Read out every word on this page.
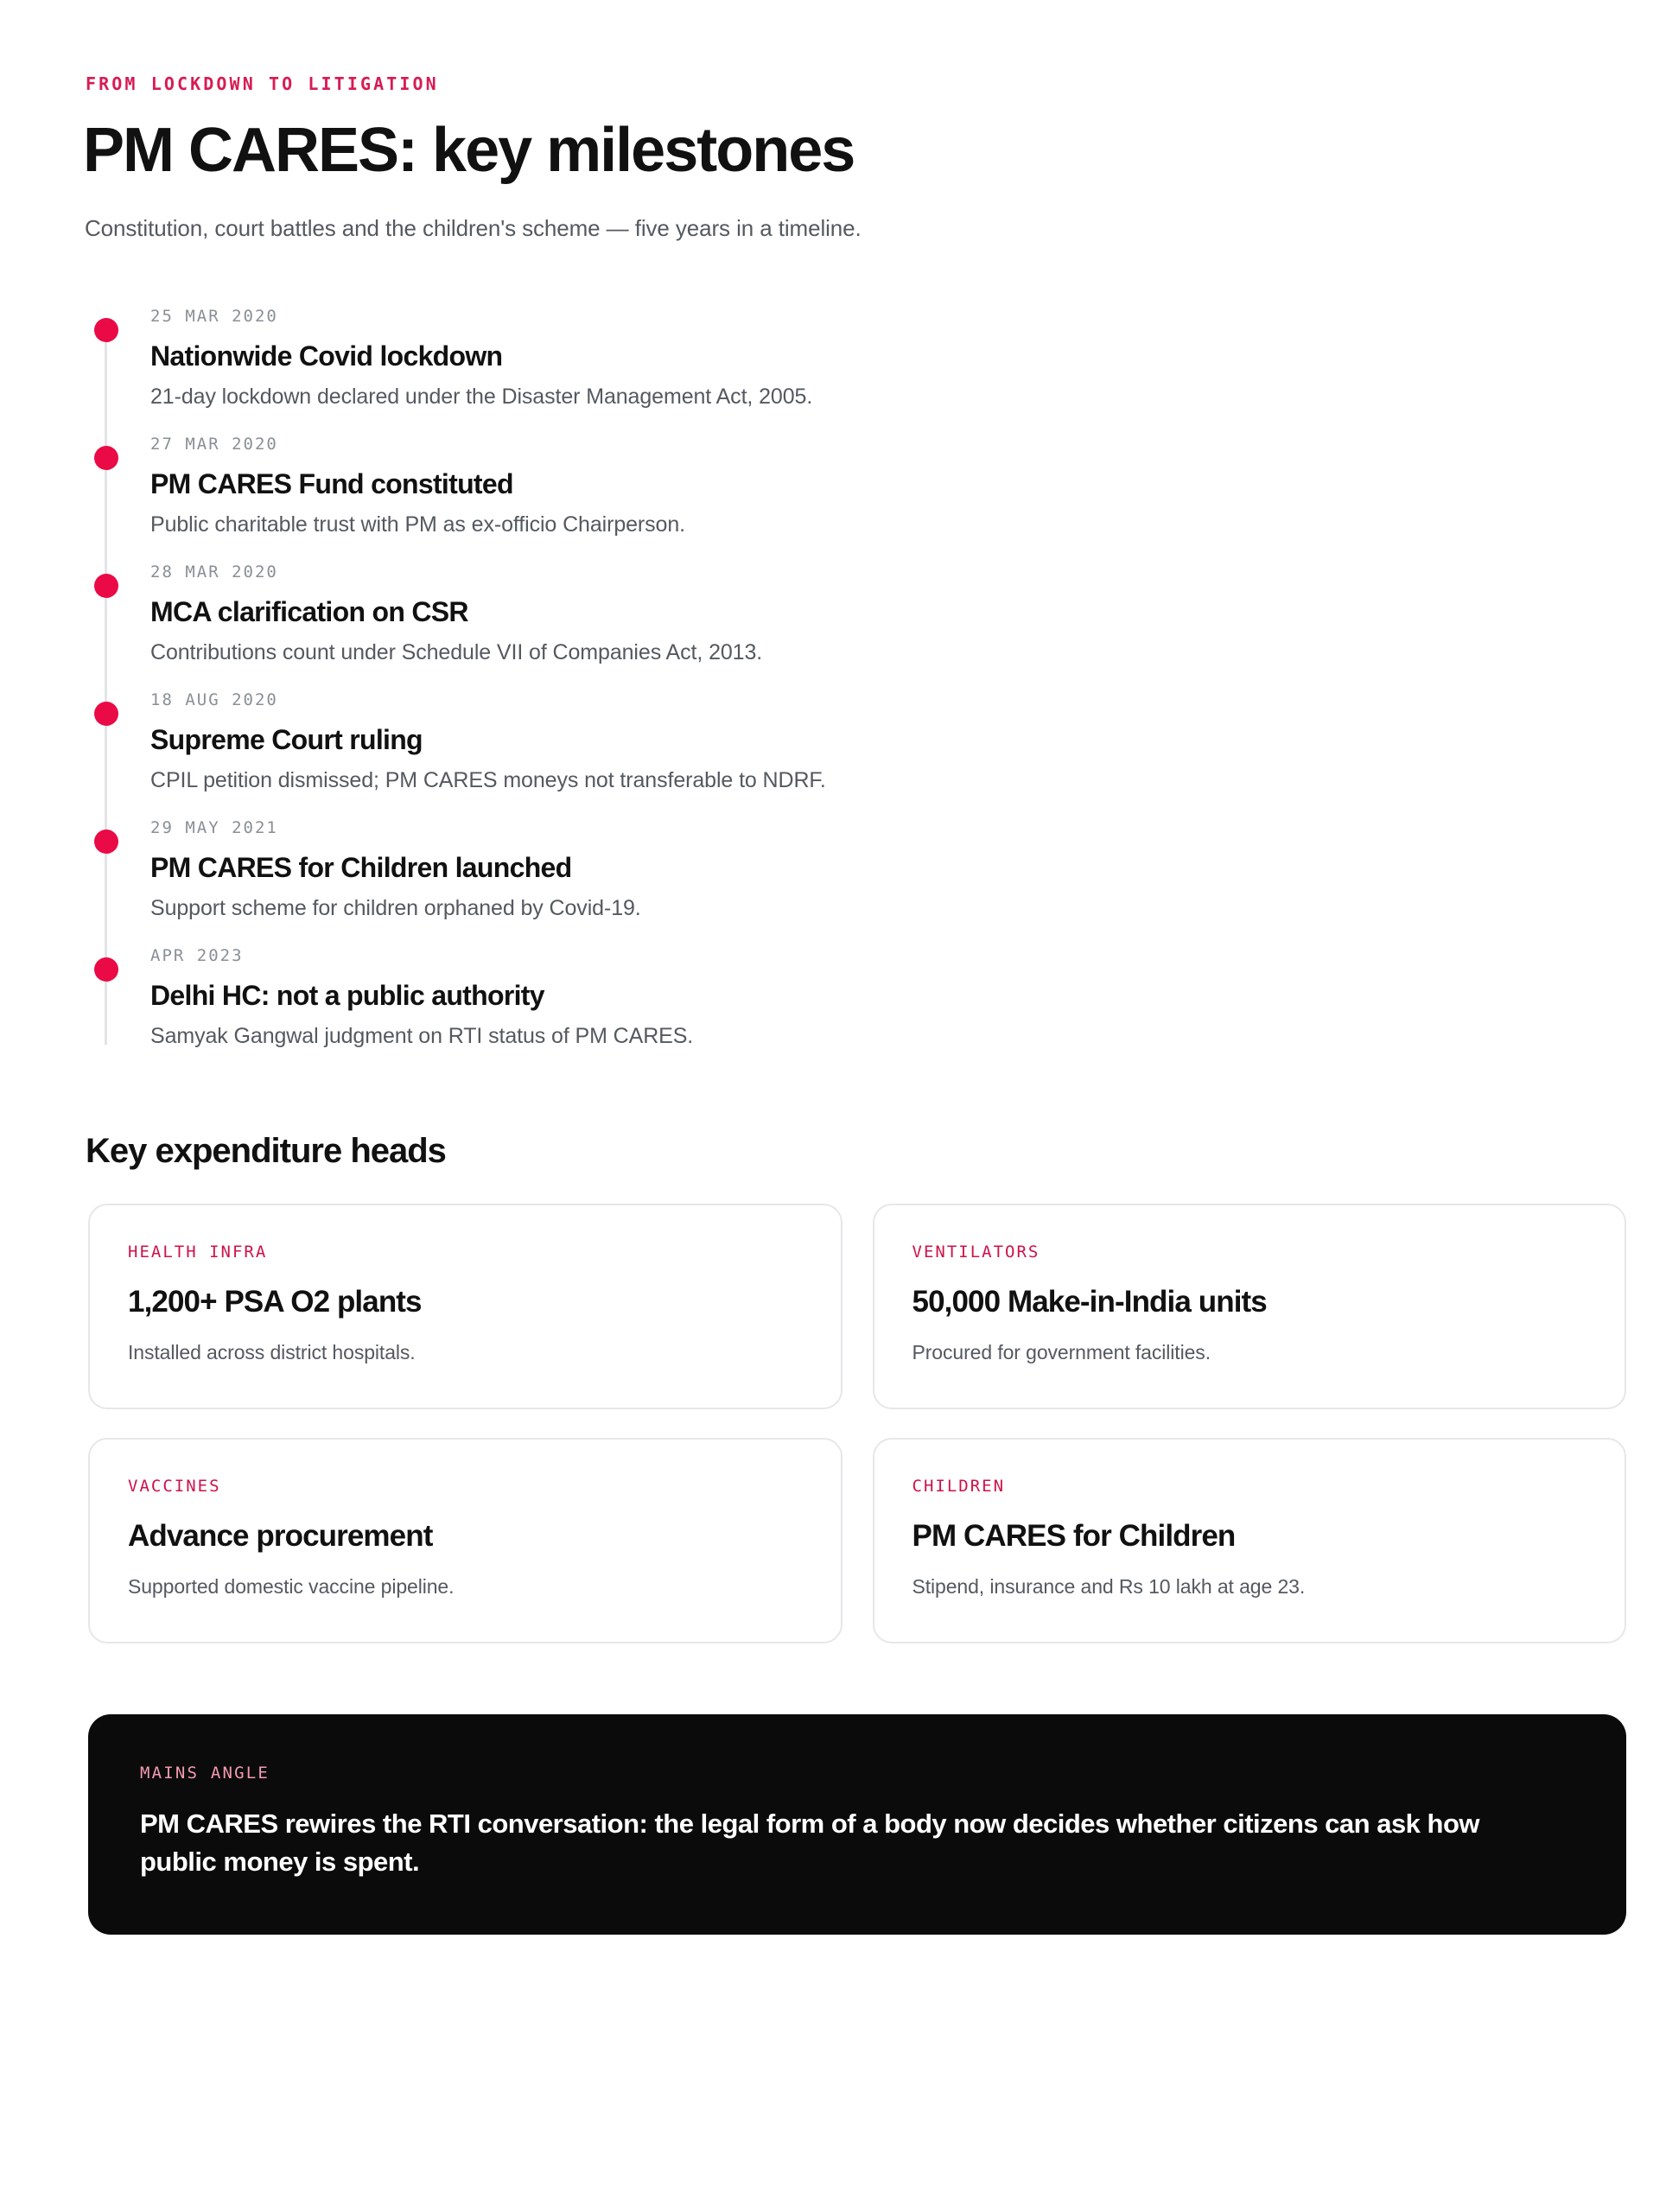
FROM LOCKDOWN TO LITIGATION
PM CARES: key milestones

Constitution, court battles and the children's scheme — five years in a timeline.

25 MAR 2020
Nationwide Covid lockdown
21-day lockdown declared under the Disaster Management Act, 2005.
27 MAR 2020
PM CARES Fund constituted
Public charitable trust with PM as ex-officio Chairperson.
28 MAR 2020
MCA clarification on CSR
Contributions count under Schedule VII of Companies Act, 2013.
18 AUG 2020
Supreme Court ruling
CPIL petition dismissed; PM CARES moneys not transferable to NDRF.
29 MAY 2021
PM CARES for Children launched
Support scheme for children orphaned by Covid-19.
APR 2023
Delhi HC: not a public authority
Samyak Gangwal judgment on RTI status of PM CARES.
Key expenditure heads
HEALTH INFRA
1,200+ PSA O2 plants
Installed across district hospitals.
VENTILATORS
50,000 Make-in-India units
Procured for government facilities.
VACCINES
Advance procurement
Supported domestic vaccine pipeline.
CHILDREN
PM CARES for Children
Stipend, insurance and Rs 10 lakh at age 23.
MAINS ANGLE

PM CARES rewires the RTI conversation: the legal form of a body now decides whether citizens can ask how public money is spent.
